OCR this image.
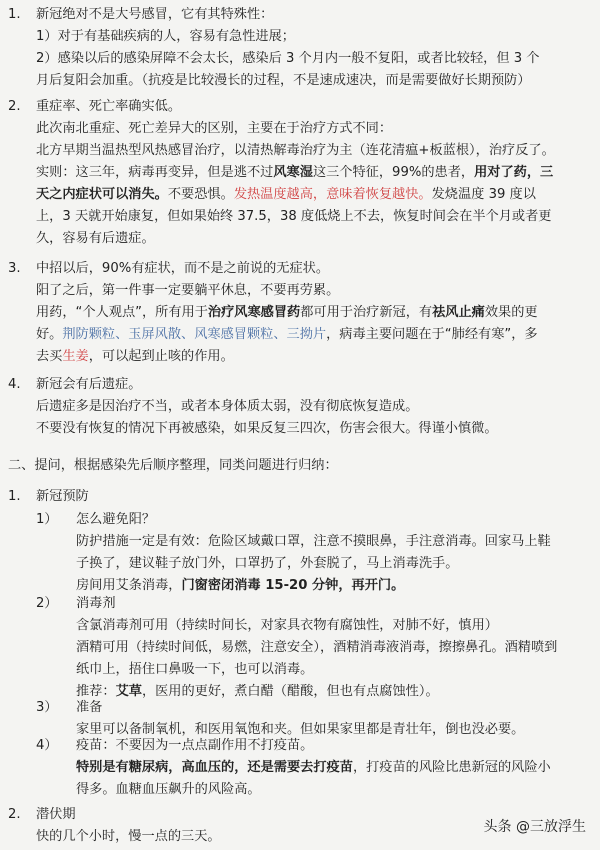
1. 新冠绝对不是大号感冒，它有其特殊性：
1）对于有基础疾病的人，容易有急性进展；
2）感染以后的感染屏障不会太长，感染后 3 个月内一般不复阳，或者比较轻，但 3 个
月后复阳会加重。（抗疫是比较漫长的过程，不是速成速决，而是需要做好长期预防）
2. 重症率、死亡率确实低。
此次南北重症、死亡差异大的区别，主要在于治疗方式不同：
北方早期当温热型风热感冒治疗，以清热解毒治疗为主（连花清瘟+板蓝根），治疗反了。
实则：这三年，病毒再变异，但是逃不过风寒湿这三个特征，99%的患者，用对了药，三
天之内症状可以消失。不要恐惧。发热温度越高，意味着恢复越快。发烧温度 39 度以
上，3 天就开始康复，但如果始终 37.5，38 度低烧上不去，恢复时间会在半个月或者更
久，容易有后遗症。
3. 中招以后，90%有症状，而不是之前说的无症状。
阳了之后，第一件事一定要躺平休息，不要再劳累。
用药，“个人观点”，所有用于治疗风寒感冒药都可用于治疗新冠，有祛风止痛效果的更
好。荆防颗粒、玉屏风散、风寒感冒颗粒、三拗片，病毒主要问题在于“肺经有寒”，多
去买生姜，可以起到止咳的作用。
4. 新冠会有后遗症。
后遗症多是因治疗不当，或者本身体质太弱，没有彻底恢复造成。
不要没有恢复的情况下再被感染，如果反复三四次，伤害会很大。得谨小慎微。
二、提问，根据感染先后顺序整理，同类问题进行归纳：
1. 新冠预防
1） 怎么避免阳？
防护措施一定是有效：危险区域戴口罩，注意不摸眼鼻，手注意消毒。回家马上鞋
子换了，建议鞋子放门外，口罩扔了，外套脱了，马上消毒洗手。
房间用艾条消毒，门窗密闭消毒 15-20 分钟，再开门。
2） 消毒剂
含氯消毒剂可用（持续时间长，对家具衣物有腐蚀性，对肺不好，慎用）
酒精可用（持续时间低，易燃，注意安全），酒精消毒液消毒，擦擦鼻孔。酒精喷到
纸巾上，捂住口鼻吸一下，也可以消毒。
推荐：艾草，医用的更好，煮白醋（醋酸，但也有点腐蚀性）。
3） 准备
家里可以备制氧机，和医用氧饱和夹。但如果家里都是青壮年，倒也没必要。
4） 疫苗：不要因为一点点副作用不打疫苗。
特别是有糖尿病，高血压的，还是需要去打疫苗，打疫苗的风险比患新冠的风险小
得多。血糖血压飙升的风险高。
2. 潜伏期
快的几个小时，慢一点的三天。
头条 @三放浮生
